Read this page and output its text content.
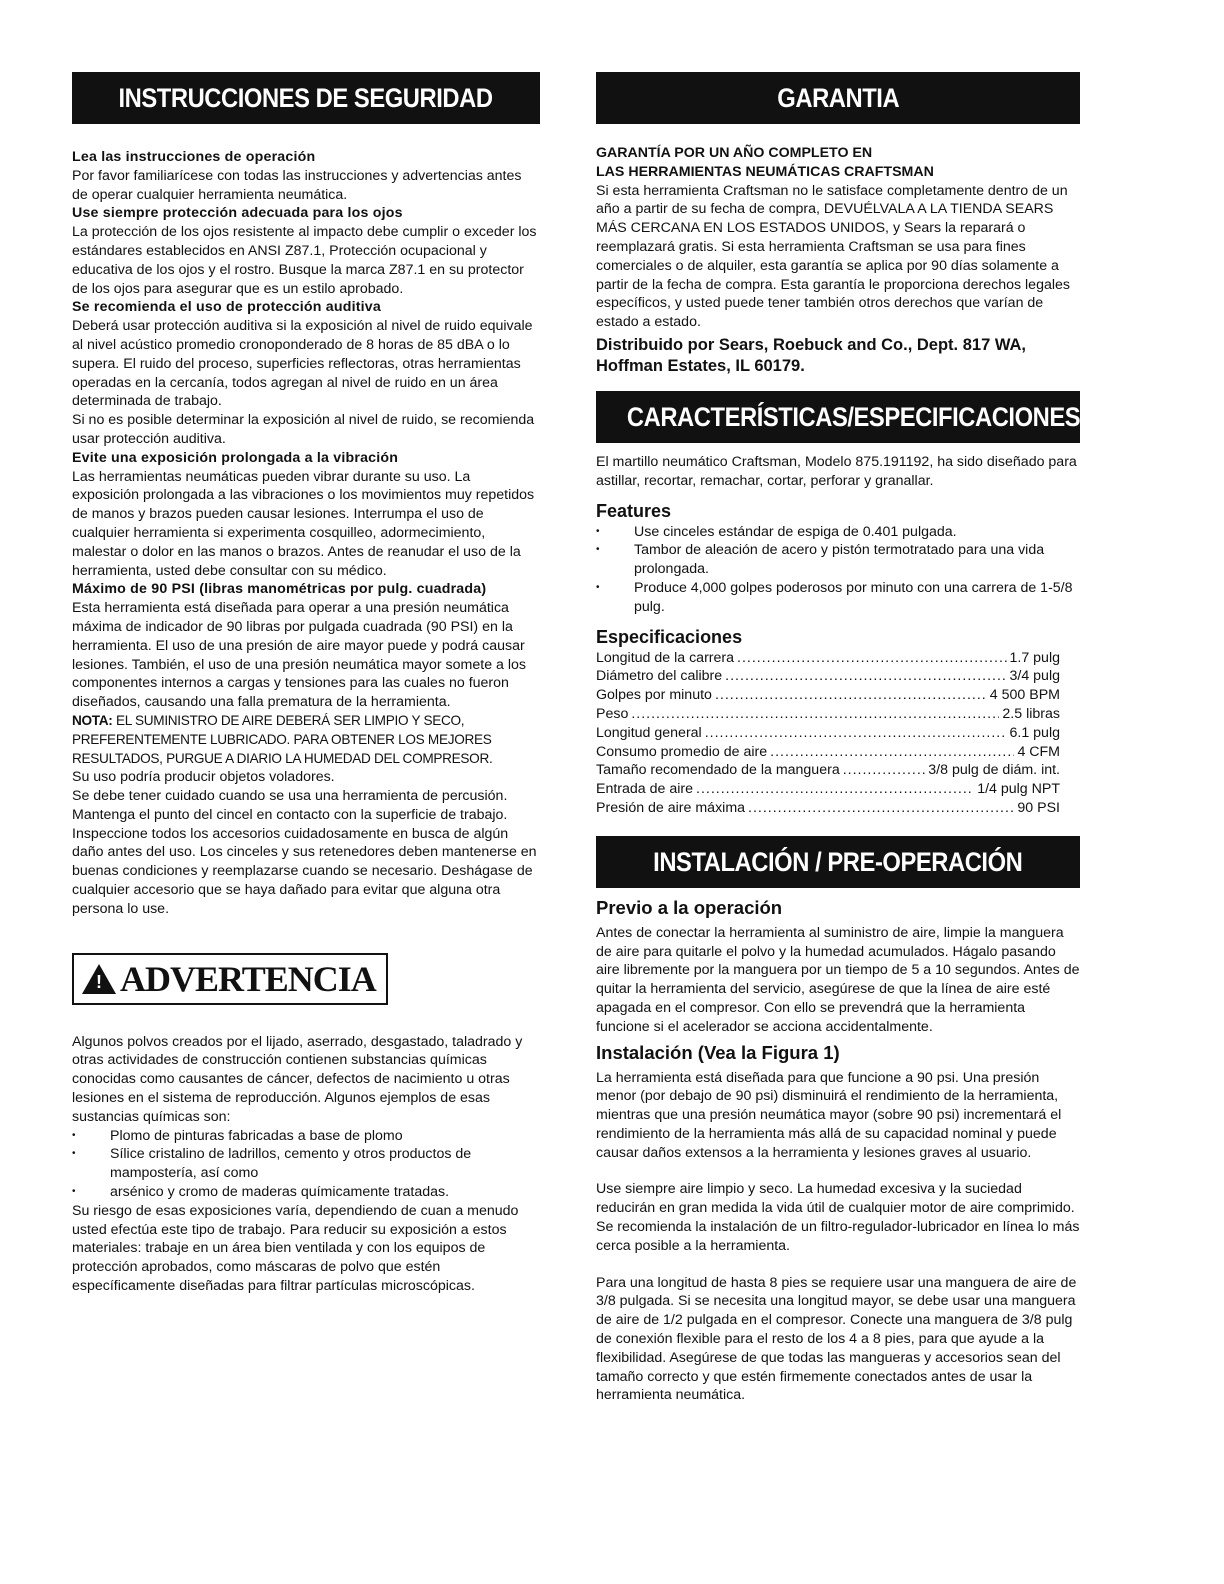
INSTRUCCIONES DE SEGURIDAD

Lea las instrucciones de operación

Por favor familiarícese con todas las instrucciones y advertencias antes de operar cualquier herramienta neumática.

Use siempre protección adecuada para los ojos

La protección de los ojos resistente al impacto debe cumplir o exceder los estándares establecidos en ANSI Z87.1, Protección ocupacional y educativa de los ojos y el rostro. Busque la marca Z87.1 en su protector de los ojos para asegurar que es un estilo aprobado.

Se recomienda el uso de protección auditiva

Deberá usar protección auditiva si la exposición al nivel de ruido equivale al nivel acústico promedio cronoponderado de 8 horas de 85 dBA o lo supera. El ruido del proceso, superficies reflectoras, otras herramientas operadas en la cercanía, todos agregan al nivel de ruido en un área determinada de trabajo.

Si no es posible determinar la exposición al nivel de ruido, se recomienda usar protección auditiva.

Evite una exposición prolongada a la vibración

Las herramientas neumáticas pueden vibrar durante su uso. La exposición prolongada a las vibraciones o los movimientos muy repetidos de manos y brazos pueden causar lesiones. Interrumpa el uso de cualquier herramienta si experimenta cosquilleo, adormecimiento, malestar o dolor en las manos o brazos. Antes de reanudar el uso de la herramienta, usted debe consultar con su médico.

Máximo de 90 PSI (libras manométricas por pulg. cuadrada)

Esta herramienta está diseñada para operar a una presión neumática máxima de indicador de 90 libras por pulgada cuadrada (90 PSI) en la herramienta. El uso de una presión de aire mayor puede y podrá causar lesiones. También, el uso de una presión neumática mayor somete a los componentes internos a cargas y tensiones para las cuales no fueron diseñados, causando una falla prematura de la herramienta.

NOTA: EL SUMINISTRO DE AIRE DEBERÁ SER LIMPIO Y SECO, PREFERENTEMENTE LUBRICADO. PARA OBTENER LOS MEJORES RESULTADOS, PURGUE A DIARIO LA HUMEDAD DEL COMPRESOR.

Su uso podría producir objetos voladores.

Se debe tener cuidado cuando se usa una herramienta de percusión. Mantenga el punto del cincel en contacto con la superficie de trabajo. Inspeccione todos los accesorios cuidadosamente en busca de algún daño antes del uso. Los cinceles y sus retenedores deben mantenerse en buenas condiciones y reemplazarse cuando se necesario. Deshágase de cualquier accesorio que se haya dañado para evitar que alguna otra persona lo use.

! ADVERTENCIA

Algunos polvos creados por el lijado, aserrado, desgastado, taladrado y otras actividades de construcción contienen substancias químicas conocidas como causantes de cáncer, defectos de nacimiento u otras lesiones en el sistema de reproducción. Algunos ejemplos de esas sustancias químicas son:

• Plomo de pinturas fabricadas a base de plomo
• Sílice cristalino de ladrillos, cemento y otros productos de mampostería, así como
• arsénico y cromo de maderas químicamente tratadas.

Su riesgo de esas exposiciones varía, dependiendo de cuan a menudo usted efectúa este tipo de trabajo. Para reducir su exposición a estos materiales: trabaje en un área bien ventilada y con los equipos de protección aprobados, como máscaras de polvo que estén específicamente diseñadas para filtrar partículas microscópicas.

GARANTIA

GARANTÍA POR UN AÑO COMPLETO EN

LAS HERRAMIENTAS NEUMÁTICAS CRAFTSMAN

Si esta herramienta Craftsman no le satisface completamente dentro de un año a partir de su fecha de compra, DEVUÉLVALA A LA TIENDA SEARS MÁS CERCANA EN LOS ESTADOS UNIDOS, y Sears la reparará o reemplazará gratis. Si esta herramienta Craftsman se usa para fines comerciales o de alquiler, esta garantía se aplica por 90 días solamente a partir de la fecha de compra. Esta garantía le proporciona derechos legales específicos, y usted puede tener también otros derechos que varían de estado a estado.

Distribuido por Sears, Roebuck and Co., Dept. 817 WA, Hoffman Estates, IL 60179.

CARACTERÍSTICAS/ESPECIFICACIONES

El martillo neumático Craftsman, Modelo 875.191192, ha sido diseñado para astillar, recortar, remachar, cortar, perforar y granallar.

Features

• Use cinceles estándar de espiga de 0.401 pulgada.
• Tambor de aleación de acero y pistón termotratado para una vida prolongada.
• Produce 4,000 golpes poderosos por minuto con una carrera de 1-5/8 pulg.

Especificaciones

Longitud de la carrera .....	1.7 pulg
Diámetro del calibre .....	3/4 pulg
Golpes por minuto .....	4 500 BPM
Peso .....	2.5 libras
Longitud general .....	6.1 pulg
Consumo promedio de aire .....	4 CFM
Tamaño recomendado de la manguera .....	3/8 pulg de diám. int.
Entrada de aire .....	1/4 pulg NPT
Presión de aire máxima .....	90 PSI
INSTALACIÓN / PRE-OPERACIÓN

Previo a la operación

Antes de conectar la herramienta al suministro de aire, limpie la manguera de aire para quitarle el polvo y la humedad acumulados. Hágalo pasando aire libremente por la manguera por un tiempo de 5 a 10 segundos. Antes de quitar la herramienta del servicio, asegúrese de que la línea de aire esté apagada en el compresor. Con ello se prevendrá que la herramienta funcione si el acelerador se acciona accidentalmente.

Instalación (Vea la Figura 1)

La herramienta está diseñada para que funcione a 90 psi. Una presión menor (por debajo de 90 psi) disminuirá el rendimiento de la herramienta, mientras que una presión neumática mayor (sobre 90 psi) incrementará el rendimiento de la herramienta más allá de su capacidad nominal y puede causar daños extensos a la herramienta y lesiones graves al usuario.

Use siempre aire limpio y seco. La humedad excesiva y la suciedad reducirán en gran medida la vida útil de cualquier motor de aire comprimido. Se recomienda la instalación de un filtro-regulador-lubricador en línea lo más cerca posible a la herramienta.

Para una longitud de hasta 8 pies se requiere usar una manguera de aire de 3/8 pulgada. Si se necesita una longitud mayor, se debe usar una manguera de aire de 1/2 pulgada en el compresor. Conecte una manguera de 3/8 pulg de conexión flexible para el resto de los 4 a 8 pies, para que ayude a la flexibilidad. Asegúrese de que todas las mangueras y accesorios sean del tamaño correcto y que estén firmemente conectados antes de usar la herramienta neumática.
